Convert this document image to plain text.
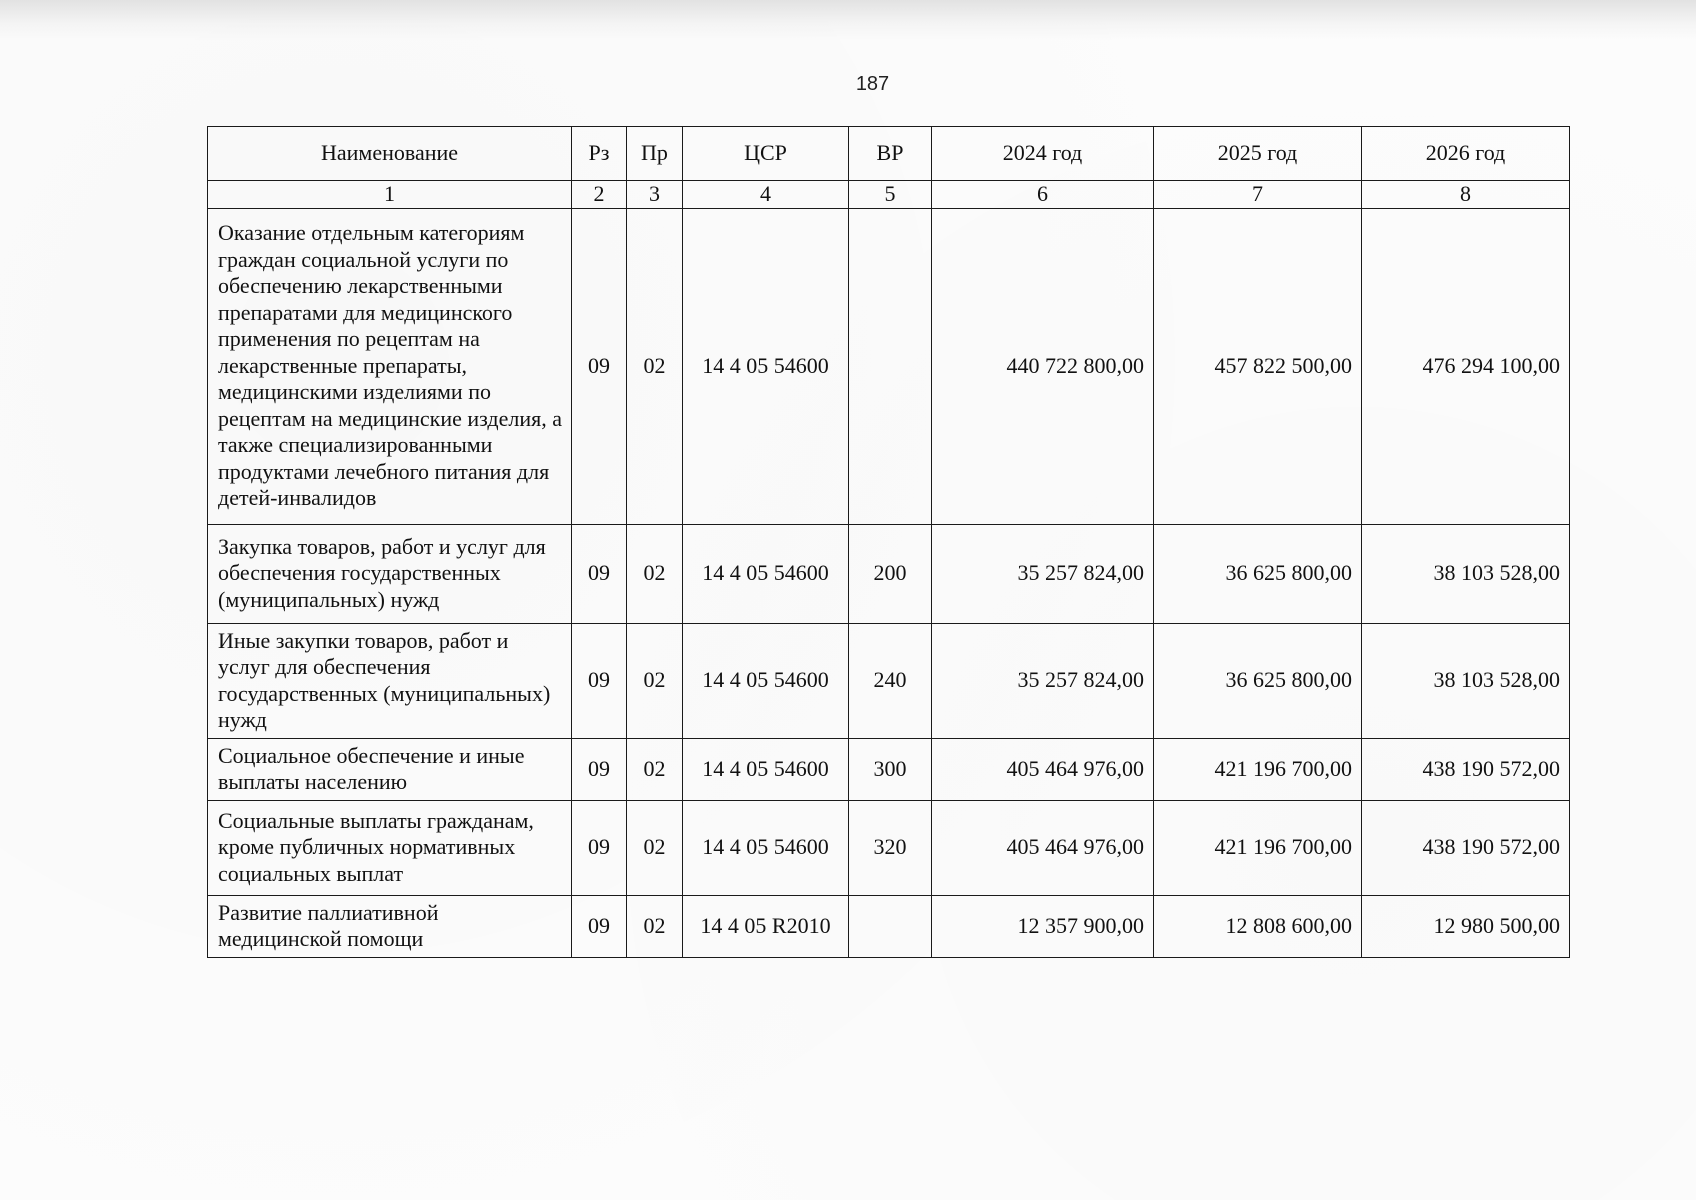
187
Наименование	Рз	Пр	ЦСР	ВР	2024 год	2025 год	2026 год
1	2	3	4	5	6	7	8
Оказание отдельным категориям граждан социальной услуги по обеспечению лекарственными препаратами для медицинского применения по рецептам на лекарственные препараты, медицинскими изделиями по рецептам на медицинские изделия, а также специализированными продуктами лечебного питания для детей-инвалидов	09	02	14 4 05 54600		440 722 800,00	457 822 500,00	476 294 100,00
Закупка товаров, работ и услуг для обеспечения государственных (муниципальных) нужд	09	02	14 4 05 54600	200	35 257 824,00	36 625 800,00	38 103 528,00
Иные закупки товаров, работ и услуг для обеспечения государственных (муниципальных) нужд	09	02	14 4 05 54600	240	35 257 824,00	36 625 800,00	38 103 528,00
Социальное обеспечение и иные выплаты населению	09	02	14 4 05 54600	300	405 464 976,00	421 196 700,00	438 190 572,00
Социальные выплаты гражданам, кроме публичных нормативных социальных выплат	09	02	14 4 05 54600	320	405 464 976,00	421 196 700,00	438 190 572,00
Развитие паллиативной медицинской помощи	09	02	14 4 05 R2010		12 357 900,00	12 808 600,00	12 980 500,00
